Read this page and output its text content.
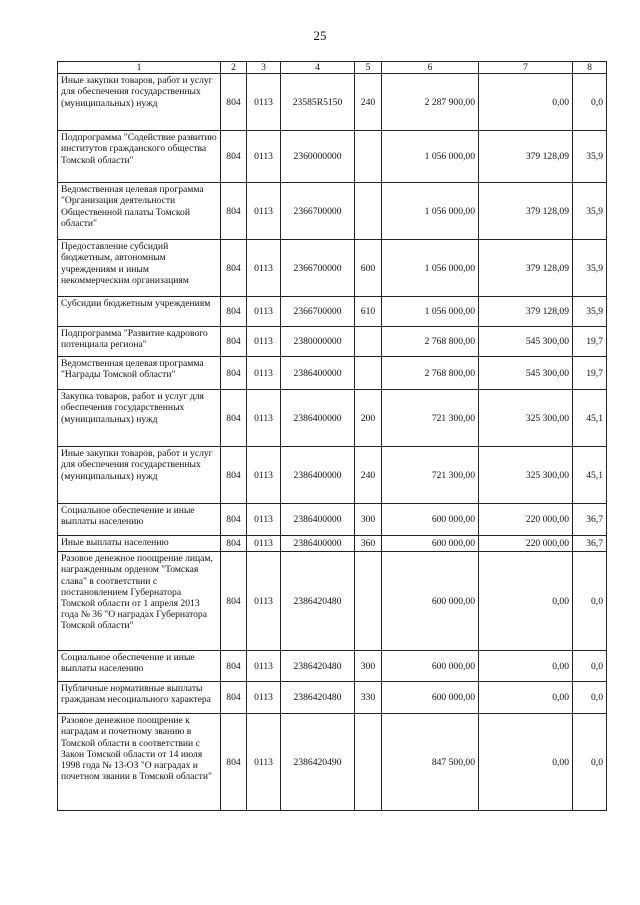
25
1	2	3	4	5	6	7	8
Иные закупки товаров, работ и услуг для обеспечения государственных (муниципальных) нужд	804	0113	23585R5150	240	2 287 900,00	0,00	0,0
Подпрограмма "Содействие развитию институтов гражданского общества Томской области"	804	0113	2360000000		1 056 000,00	379 128,09	35,9
Ведомственная целевая программа "Организация деятельности Общественной палаты Томской области"	804	0113	2366700000		1 056 000,00	379 128,09	35,9
Предоставление субсидий бюджетным, автономным учреждениям и иным некоммерческим организациям	804	0113	2366700000	600	1 056 000,00	379 128,09	35,9
Субсидии бюджетным учреждениям	804	0113	2366700000	610	1 056 000,00	379 128,09	35,9
Подпрограмма "Развитие кадрового потенциала региона"	804	0113	2380000000		2 768 800,00	545 300,00	19,7
Ведомственная целевая программа "Награды Томской области"	804	0113	2386400000		2 768 800,00	545 300,00	19,7
Закупка товаров, работ и услуг для обеспечения государственных (муниципальных) нужд	804	0113	2386400000	200	721 300,00	325 300,00	45,1
Иные закупки товаров, работ и услуг для обеспечения государственных (муниципальных) нужд	804	0113	2386400000	240	721 300,00	325 300,00	45,1
Социальное обеспечение и иные выплаты населению	804	0113	2386400000	300	600 000,00	220 000,00	36,7
Иные выплаты населению	804	0113	2386400000	360	600 000,00	220 000,00	36,7
Разовое денежное поощрение лицам, награжденным орденом "Томская слава" в соответствии с постановлением Губернатора Томской области от 1 апреля 2013 года № 36 "О наградах Губернатора Томской области"	804	0113	2386420480		600 000,00	0,00	0,0
Социальное обеспечение и иные выплаты населению	804	0113	2386420480	300	600 000,00	0,00	0,0
Публичные нормативные выплаты гражданам несоциального характера	804	0113	2386420480	330	600 000,00	0,00	0,0
Разовое денежное поощрение к наградам и почетному званию в Томской области в соответствии с Закон Томской области от 14 июля 1998 года № 13-ОЗ "О наградах и почетном звании в Томской области"	804	0113	2386420490		847 500,00	0,00	0,0
